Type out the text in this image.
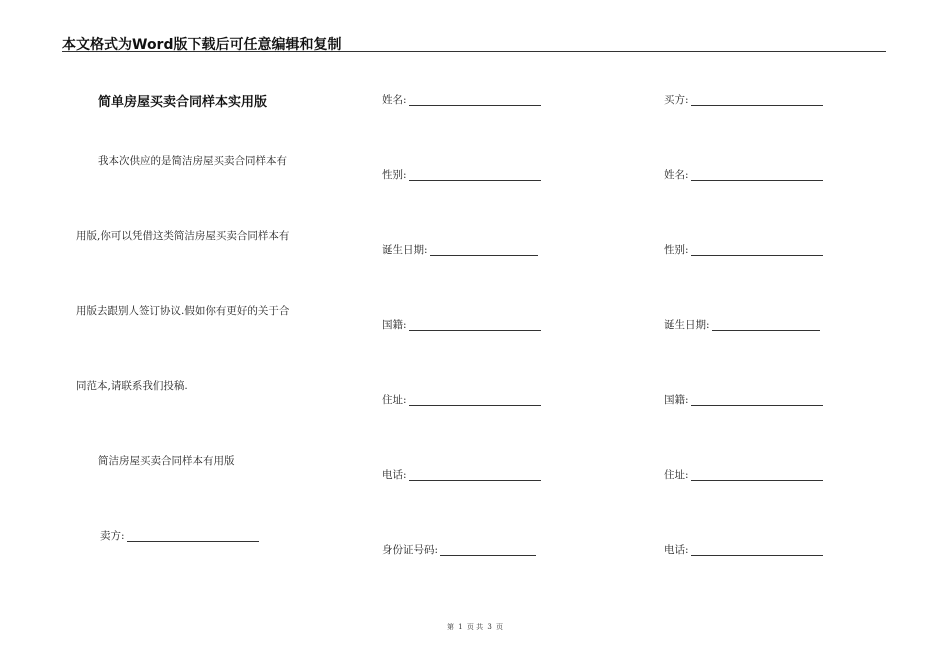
本文格式为Word版下载后可任意编辑和复制
简单房屋买卖合同样本实用版
我本次供应的是简洁房屋买卖合同样本有
用版,你可以凭借这类简洁房屋买卖合同样本有
用版去跟别人签订协议.假如你有更好的关于合
同范本,请联系我们投稿.
简洁房屋买卖合同样本有用版
卖方:
姓名:
性别:
诞生日期:
国籍:
住址:
电话:
身份证号码:
买方:
姓名:
性别:
诞生日期:
国籍:
住址:
电话:
第 1 页 共 3 页
